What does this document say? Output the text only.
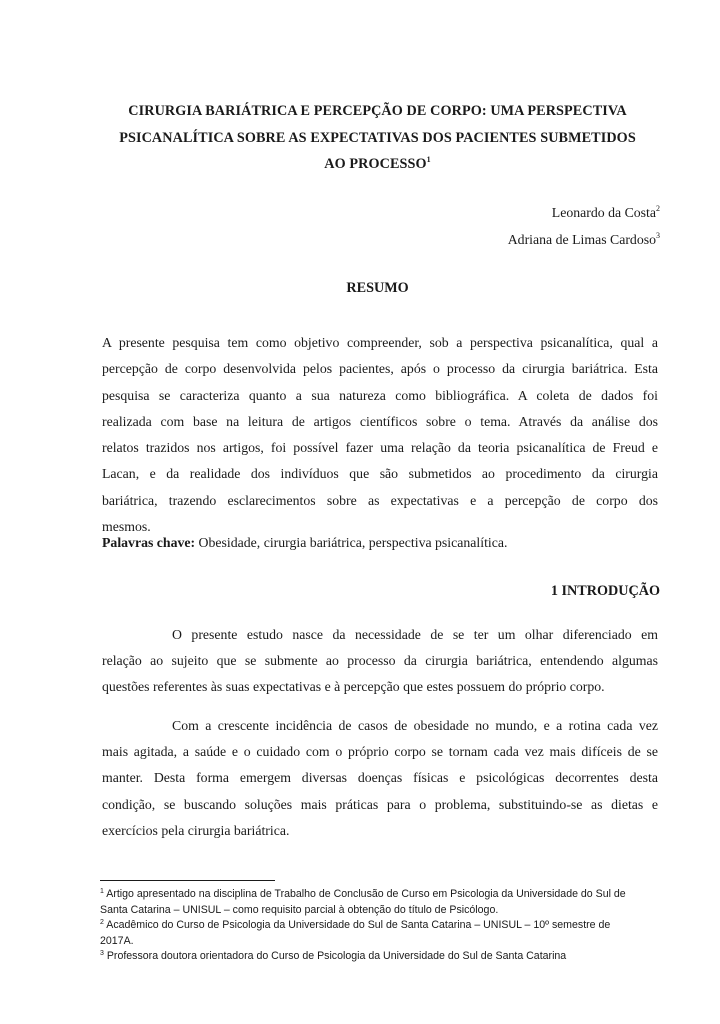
CIRURGIA BARIÁTRICA E PERCEPÇÃO DE CORPO: UMA PERSPECTIVA
PSICANALÍTICA SOBRE AS EXPECTATIVAS DOS PACIENTES SUBMETIDOS
AO PROCESSO$^1$
Leonardo da Costa$^2$
Adriana de Limas Cardoso$^3$
RESUMO
A presente pesquisa tem como objetivo compreender, sob a perspectiva psicanalítica, qual a
percepção de corpo desenvolvida pelos pacientes, após o processo da cirurgia bariátrica. Esta
pesquisa se caracteriza quanto a sua natureza como bibliográfica. A coleta de dados foi
realizada com base na leitura de artigos científicos sobre o tema. Através da análise dos
relatos trazidos nos artigos, foi possível fazer uma relação da teoria psicanalítica de Freud e
Lacan, e da realidade dos indivíduos que são submetidos ao procedimento da cirurgia
bariátrica, trazendo esclarecimentos sobre as expectativas e a percepção de corpo dos
mesmos.
Palavras chave: Obesidade, cirurgia bariátrica, perspectiva psicanalítica.
1 INTRODUÇÃO
O presente estudo nasce da necessidade de se ter um olhar diferenciado em
relação ao sujeito que se submente ao processo da cirurgia bariátrica, entendendo algumas
questões referentes às suas expectativas e à percepção que estes possuem do próprio corpo.
Com a crescente incidência de casos de obesidade no mundo, e a rotina cada vez
mais agitada, a saúde e o cuidado com o próprio corpo se tornam cada vez mais difíceis de se
manter. Desta forma emergem diversas doenças físicas e psicológicas decorrentes desta
condição, se buscando soluções mais práticas para o problema, substituindo-se as dietas e
exercícios pela cirurgia bariátrica.
$^1$ Artigo apresentado na disciplina de Trabalho de Conclusão de Curso em Psicologia da Universidade do Sul de
Santa Catarina – UNISUL – como requisito parcial à obtenção do título de Psicólogo.
$^2$ Acadêmico do Curso de Psicologia da Universidade do Sul de Santa Catarina – UNISUL – 10º semestre de
2017A.
$^3$ Professora doutora orientadora do Curso de Psicologia da Universidade do Sul de Santa Catarina
